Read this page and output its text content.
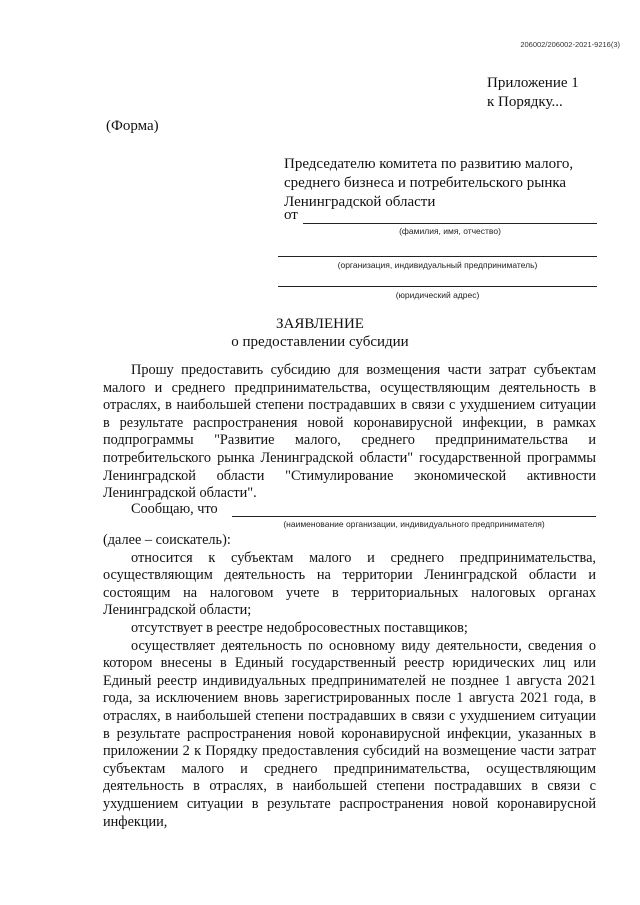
206002/206002-2021-9216(3)
Приложение 1
к Порядку...
(Форма)
Председателю комитета по развитию малого,
среднего бизнеса и потребительского рынка
Ленинградской области
от
(фамилия, имя, отчество)
(организация, индивидуальный предприниматель)
(юридический адрес)
ЗАЯВЛЕНИЕ
о предоставлении субсидии
Прошу предоставить субсидию для возмещения части затрат субъектам малого и среднего предпринимательства, осуществляющим деятельность в отраслях, в наибольшей степени пострадавших в связи с ухудшением ситуации в результате распространения новой коронавирусной инфекции, в рамках подпрограммы "Развитие малого, среднего предпринимательства и потребительского рынка Ленинградской области" государственной программы Ленинградской области "Стимулирование экономической активности Ленинградской области".
Сообщаю, что
(наименование организации, индивидуального предпринимателя)

(далее – соискатель):

относится к субъектам малого и среднего предпринимательства, осуществляющим деятельность на территории Ленинградской области и состоящим на налоговом учете в территориальных налоговых органах Ленинградской области;

отсутствует в реестре недобросовестных поставщиков;

осуществляет деятельность по основному виду деятельности, сведения о котором внесены в Единый государственный реестр юридических лиц или Единый реестр индивидуальных предпринимателей не позднее 1 августа 2021 года, за исключением вновь зарегистрированных после 1 августа 2021 года, в отраслях, в наибольшей степени пострадавших в связи с ухудшением ситуации в результате распространения новой коронавирусной инфекции, указанных в приложении 2 к Порядку предоставления субсидий на возмещение части затрат субъектам малого и среднего предпринимательства, осуществляющим деятельность в отраслях, в наибольшей степени пострадавших в связи с ухудшением ситуации в результате распространения новой коронавирусной инфекции,
